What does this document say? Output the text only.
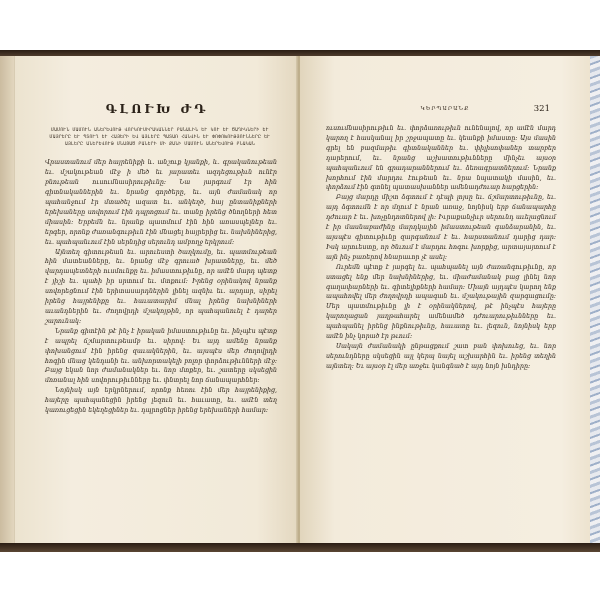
ԳԼՈՒԽ ԺԴ
ՄԱՄՈՒՆ ՄԱՄՈՒՆ ԱՆԵՐԵՎՈՒԹ ՎՈՐԿՈՒՍԻՐԱԿԱՆՆԵՐ ԲԱՆԱԼԻՆ ԵՒ ԿՈՒ ԵՒ ԾԱՂԻԿՆԵՐԻ ԵՒ ՄԱՅՐԵՐԸ ԵՒ ՊՏՈՒՂ ԵՒ ՀԱՅԵՐԻ ԵՎ ԱՅԼԵՐԸ ՊԱՏԱՌ ՀԱՆՎԻՆ ԵՒ ՓՈՓՈԽՈՒԹՅՈՒՆՆԵՐԸ ԵՒ ԱՅԼԵՐԸ ԱՆԵՐԵՎՈՒԹ ՄՆԱՑԱԾ ԲԱՆԵՐԻ ՄԻ ՔԱՆԻ ՄԱՄՈՒՆ ԱՆԵՐԵՎՈՒԹ ԲՆԱԿԱՆ

Վրաստանում մեր հայրենիքի և. անշուք կյանքի, և. գրականութեան եւ. մշակութեան մէջ ի մեծ եւ յարատեւ ազդեցութիւն ունէր բնութեան ուսումնասիրութիւնը։ Նա յարգում էր հին գիտնականներին եւ. նրանց գործերը, եւ. այն ժամանակ որ պահանջում էր մտածել ազատ եւ. անկեղծ, հայ ընտանիքների երեխաները սովորում էին դպրոցում եւ. տանը իրենց ծնողների հետ միասին։ Երբեմն եւ. նրանք պատմում էին հին առասպելներ եւ. երգեր, որոնք ժառանգութիւն էին մնացել հայրերից եւ. նախնիներից, եւ. պահպանւում էին սերնդից սերունդ ամբողջ երկրում։

Այնտեղ գիտութեան եւ. արուեստի ծաղկումը, եւ. պատմութեան հին մատեանները, եւ. նրանց մէջ գրուած խրատները, եւ. մեծ վարդապետների ուսմունքը եւ. իմաստութիւնը, որ ամէն մարդ պետք է յիշի եւ. պահի իր սրտում եւ. մտքում։ Իրենց օրինակով նրանք սովորեցնում էին երիտասարդներին լինել ազնիւ եւ. արդար, սիրել իրենց հայրենիքը եւ. հաւատարիմ մնալ իրենց նախնիների աւանդներին եւ. ժողովրդի մշակոյթին, որ պահպանուել է դարեր շարունակ։

Նրանք գիտէին թէ ինչ է իրական իմաստութիւնը եւ. ինչպէս պէտք է ապրել ճշմարտութեամբ եւ. սիրով։ Եւ այդ ամենը նրանք փոխանցում էին իրենց զաւակներին, եւ. այսպէս մեր ժողովրդի հոգին մնաց կենդանի եւ. անխորտակելի բոլոր փորձութիւնների մէջ։ Բայց եկան նոր ժամանակներ եւ. նոր մտքեր, եւ. շատերը սկսեցին մոռանալ հին սովորութիւնները եւ. փնտրել նոր ճանապարհներ։

Նոյնիսկ այն երկրներում, որոնք հեռու էին մեր հայրենիքից, հայերը պահպանեցին իրենց լեզուն եւ. հաւատը, եւ. ամէն տեղ կառուցեցին եկեղեցիներ եւ. դպրոցներ իրենց երեխաների համար։

ԿԵՐՊԱՐԱՆՔ	321

ուսումնասիրութիւն եւ. փորձառութիւն ունենալով, որ ամէն մարդ կարող է հասկանալ իր շրջապատը եւ. կեանքի իմաստը։ Այս մասին գրել են բազմաթիւ գիտնականներ եւ. փիլիսոփաներ տարբեր դարերում, եւ. նրանց աշխատութիւնները մինչեւ այսօր պահպանւում են գրադարաններում եւ. ձեռագրատներում։ Նրանք խորհում էին մարդու էութեան եւ. նրա նպատակի մասին, եւ. փորձում էին գտնել պատասխաններ ամենադժուար հարցերին։

Բայց մարդը միշտ ձգտում է դէպի լոյսը եւ. ճշմարտութիւնը, եւ. այդ ձգտումն է որ մղում է նրան առաջ, նոյնիսկ երբ ճանապարհը դժուար է եւ. խոչընդոտներով լի։ Իւրաքանչիւր սերունդ աւելացնում է իր մասնաբաժինը մարդկային իմաստութեան գանձարանին, եւ. այսպէս գիտութիւնը զարգանում է եւ. հարստանում դարից դար։ Իսկ արուեստը, որ ծնւում է մարդու հոգու խորքից, արտայայտում է այն ինչ բառերով հնարաւոր չէ ասել։

Ուրեմն պէտք է յարգել եւ. պահպանել այն ժառանգութիւնը, որ ստացել ենք մեր նախնիներից, եւ. միաժամանակ բաց լինել նոր գաղափարների եւ. գիտելիքների համար։ Միայն այդպէս կարող ենք ապահովել մեր ժողովրդի ապագան եւ. մշակութային զարգացումը։ Մեր պատմութիւնը լի է օրինակներով, թէ ինչպէս հայերը կարողացան յաղթահարել ամենամեծ դժուարութիւնները եւ. պահպանել իրենց ինքնութիւնը, հաւատը եւ. լեզուն, նոյնիսկ երբ ամէն ինչ կորած էր թւում։

Սակայն ժամանակի ընթացքում շատ բան փոխուեց, եւ. նոր սերունդները սկսեցին այլ կերպ նայել աշխարհին եւ. իրենց տեղին այնտեղ։ Եւ այսօր էլ մեր առջեւ կանգնած է այդ նոյն խնդիրը։
